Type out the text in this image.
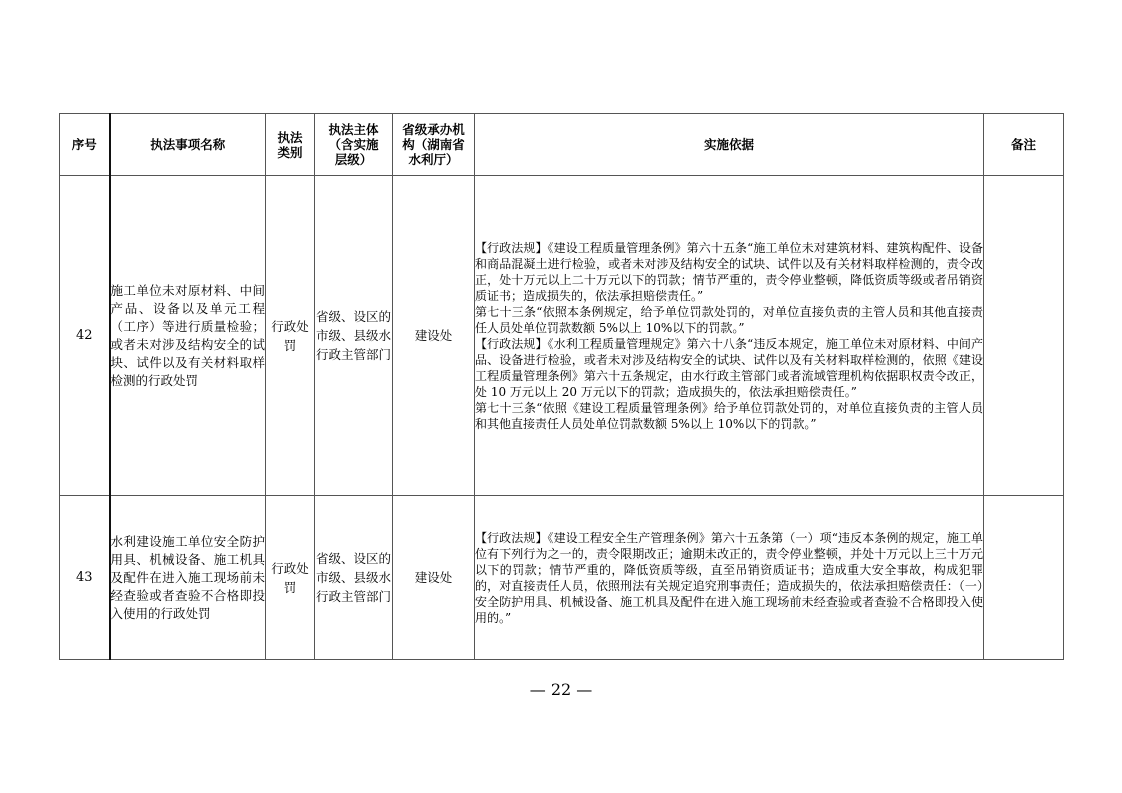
序号	执法事项名称	执法类别	执法主体（含实施层级）	省级承办机构（湖南省水利厅）	实施依据	备注
42	施工单位未对原材料、中间产品、设备以及单元工程（工序）等进行质量检验；或者未对涉及结构安全的试块、试件以及有关材料取样检测的行政处罚	行政处罚	省级、设区的市级、县级水行政主管部门	建设处	【行政法规】《建设工程质量管理条例》第六十五条“施工单位未对建筑材料、建筑构配件、设备和商品混凝土进行检验，或者未对涉及结构安全的试块、试件以及有关材料取样检测的，责令改正，处十万元以上二十万元以下的罚款；情节严重的，责令停业整顿，降低资质等级或者吊销资质证书；造成损失的，依法承担赔偿责任。”

第七十三条“依照本条例规定，给予单位罚款处罚的，对单位直接负责的主管人员和其他直接责任人员处单位罚款数额 5%以上 10%以下的罚款。”

【行政法规】《水利工程质量管理规定》第六十八条“违反本规定，施工单位未对原材料、中间产品、设备进行检验，或者未对涉及结构安全的试块、试件以及有关材料取样检测的，依照《建设工程质量管理条例》第六十五条规定，由水行政主管部门或者流域管理机构依据职权责令改正，处 10 万元以上 20 万元以下的罚款；造成损失的，依法承担赔偿责任。”

第七十三条“依照《建设工程质量管理条例》给予单位罚款处罚的，对单位直接负责的主管人员和其他直接责任人员处单位罚款数额 5%以上 10%以下的罚款。”	

43	水利建设施工单位安全防护用具、机械设备、施工机具及配件在进入施工现场前未经查验或者查验不合格即投入使用的行政处罚	行政处罚	省级、设区的市级、县级水行政主管部门	建设处	【行政法规】《建设工程安全生产管理条例》第六十五条第（一）项“违反本条例的规定，施工单位有下列行为之一的，责令限期改正；逾期未改正的，责令停业整顿，并处十万元以上三十万元以下的罚款；情节严重的，降低资质等级，直至吊销资质证书；造成重大安全事故，构成犯罪的，对直接责任人员，依照刑法有关规定追究刑事责任；造成损失的，依法承担赔偿责任：（一）安全防护用具、机械设备、施工机具及配件在进入施工现场前未经查验或者查验不合格即投入使用的。”	

— 22 —
